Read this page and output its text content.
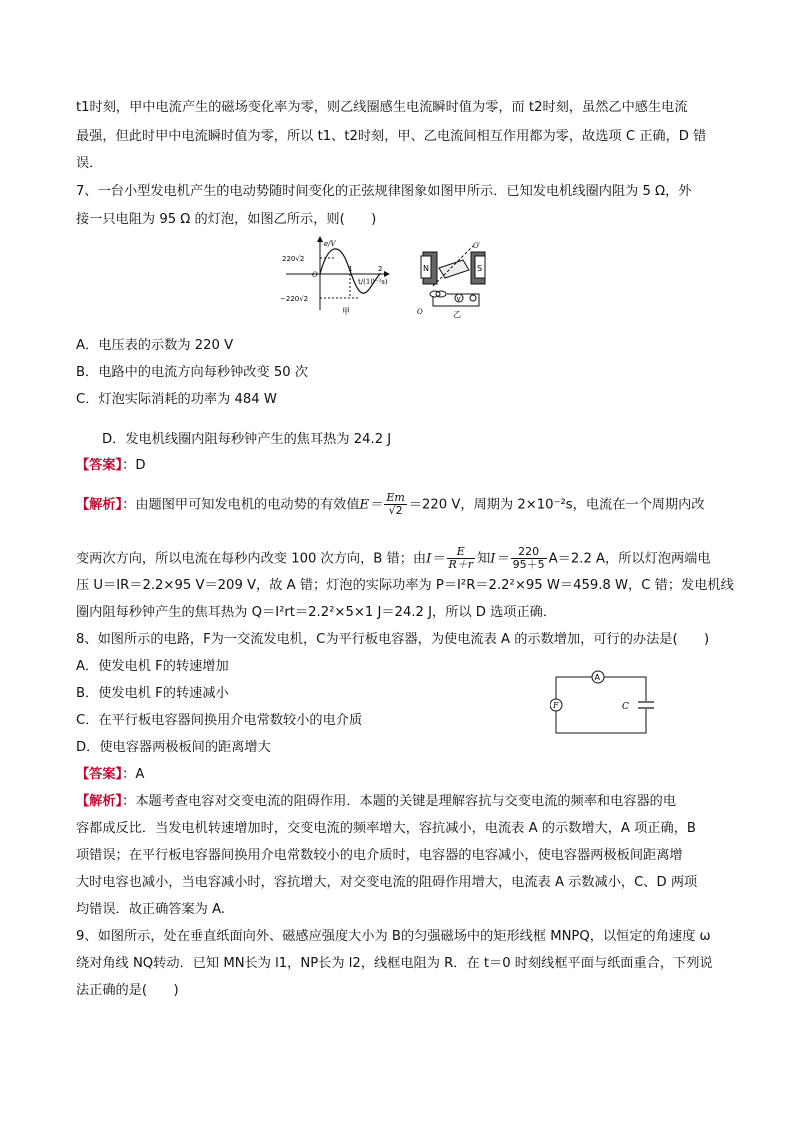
t1时刻，甲中电流产生的磁场变化率为零，则乙线圈感生电流瞬时值为零，而 t2时刻，虽然乙中感生电流
最强，但此时甲中电流瞬时值为零，所以 t1、t2时刻，甲、乙电流间相互作用都为零，故选项 C 正确，D 错
误．
7、一台小型发电机产生的电动势随时间变化的正弦规律图象如图甲所示．已知发电机线圈内阻为 5 Ω，外
接一只电阻为 95 Ω 的灯泡，如图乙所示，则(　　)
e/V
220√2
O
−220√2
1	2
t/(10⁻²s)
甲
N	S
O′
V
O	乙
A．电压表的示数为 220 V
B．电路中的电流方向每秒钟改变 50 次
C．灯泡实际消耗的功率为 484 W
D．发电机线圈内阻每秒钟产生的焦耳热为 24.2 J
【答案】：D
【解析】：由题图甲可知发电机的电动势的有效值$E= \frac{Em}{√2} =220$ V，周期为 2×10⁻²s，电流在一个周期内改
变两次方向，所以电流在每秒内改变 100 次方向，B 错；由$I= \frac{E}{R+r}$ 知$I= \frac{220}{95+5} A=2.2$ A，所以灯泡两端电
压 U＝IR＝2.2×95 V＝209 V，故 A 错；灯泡的实际功率为 P＝I²R＝2.2²×95 W＝459.8 W，C 错；发电机线
圈内阻每秒钟产生的焦耳热为 Q＝I²rt＝2.2²×5×1 J＝24.2 J，所以 D 选项正确．
8、如图所示的电路，F为一交流发电机，C为平行板电容器，为使电流表 A 的示数增加，可行的办法是(　　)
A．使发电机 F的转速增加
B．使发电机 F的转速减小
C．在平行板电容器间换用介电常数较小的电介质
D．使电容器两极板间的距离增大
A
F	C
【答案】：A
【解析】：本题考查电容对交变电流的阻碍作用．本题的关键是理解容抗与交变电流的频率和电容器的电
容都成反比．当发电机转速增加时，交变电流的频率增大，容抗减小，电流表 A 的示数增大，A 项正确，B
项错误；在平行板电容器间换用介电常数较小的电介质时，电容器的电容减小，使电容器两极板间距离增
大时电容也减小，当电容减小时，容抗增大，对交变电流的阻碍作用增大，电流表 A 示数减小，C、D 两项
均错误．故正确答案为 A.
9、如图所示，处在垂直纸面向外、磁感应强度大小为 B的匀强磁场中的矩形线框 MNPQ，以恒定的角速度 ω
绕对角线 NQ转动．已知 MN长为 l1，NP长为 l2，线框电阻为 R．在 t＝0 时刻线框平面与纸面重合，下列说
法正确的是(　　)
